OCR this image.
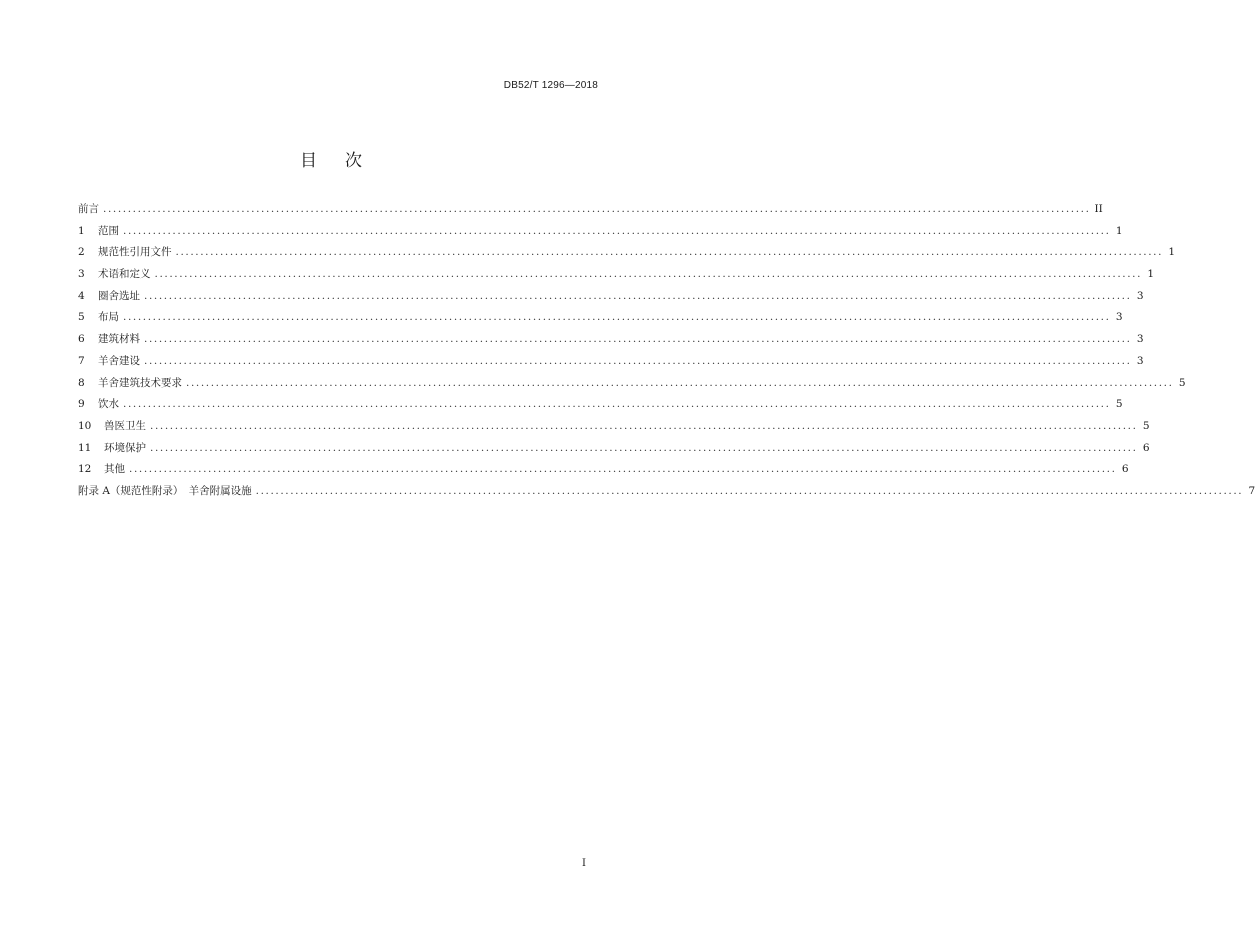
DB52/T 1296—2018
目 次
前言 ........................................................................................................................................................................................................ II
1	范围 ........................................................................................................................................................................................................ 1
2	规范性引用文件 ........................................................................................................................................................................................................ 1
3	术语和定义 ........................................................................................................................................................................................................ 1
4	圈舍选址 ........................................................................................................................................................................................................ 3
5	布局 ........................................................................................................................................................................................................ 3
6	建筑材料 ........................................................................................................................................................................................................ 3
7	羊舍建设 ........................................................................................................................................................................................................ 3
8	羊舍建筑技术要求 ........................................................................................................................................................................................................ 5
9	饮水 ........................................................................................................................................................................................................ 5
10	兽医卫生 ........................................................................................................................................................................................................ 5
11	环境保护 ........................................................................................................................................................................................................ 6
12	其他 ........................................................................................................................................................................................................ 6
附录 A（规范性附录）　羊舍附属设施 ........................................................................................................................................................................................................ 7
I
